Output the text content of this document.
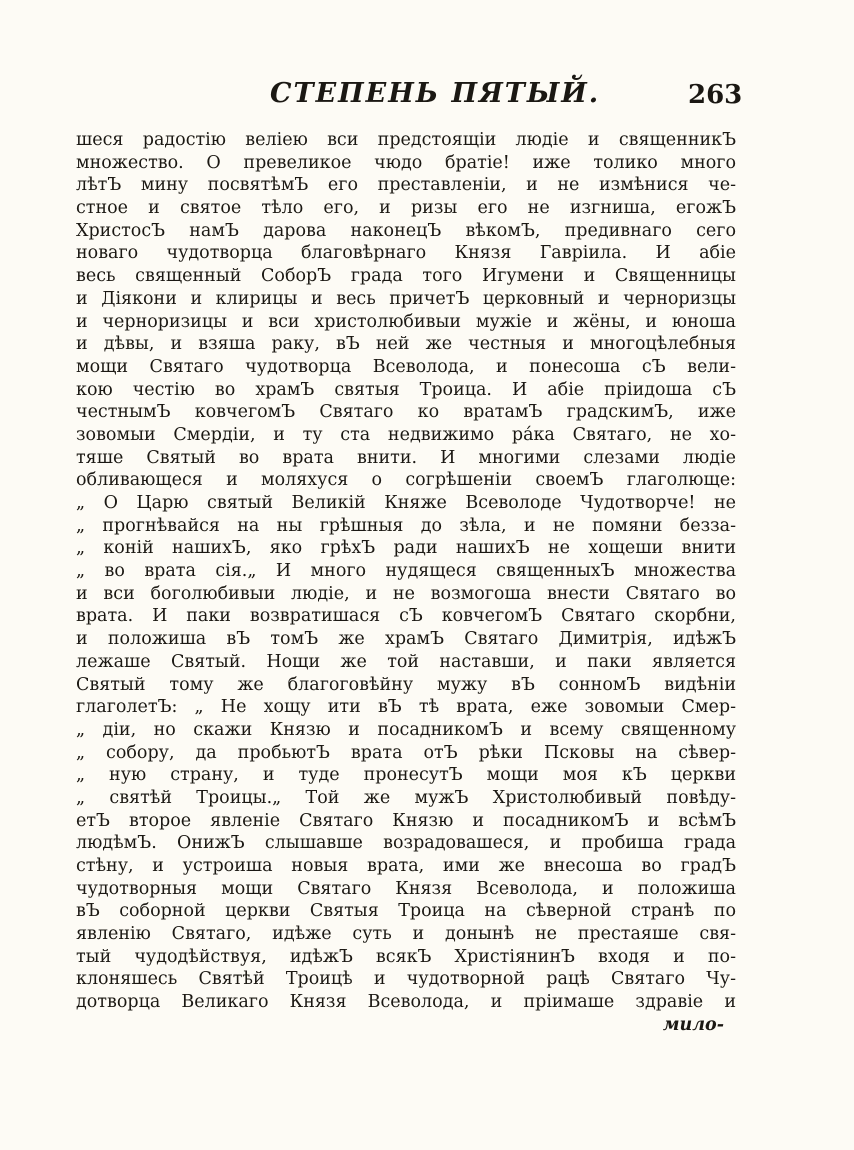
СТЕПЕНЬ ПЯТЫЙ.	263
шеся радостію веліею вси предстоящіи людіе и священникЪ
множество. О превеликое чюдо братіе! иже толико много
лѣтЪ мину посвятѣмЪ его преставленіи, и не измѣнися че-
стное и святое тѣло его, и ризы его не изгниша, егожЪ
ХристосЪ намЪ дарова наконецЪ вѣкомЪ, предивнаго сего
новаго чудотворца благовѣрнаго Князя Гавріила. И абіе
весь священный СоборЪ града того Игумени и Священницы
и Діякони и клирицы и весь причетЪ церковный и черноризцы
и черноризицы и вси христолюбивыи мужіе и жёны, и юноша
и дѣвы, и взяша раку, вЪ ней же честныя и многоцѣлебныя
мощи Святаго чудотворца Всеволода, и понесоша сЪ вели-
кою честію во храмЪ святыя Троица. И абіе пріидоша сЪ
честнымЪ ковчегомЪ Святаго ко вратамЪ градскимЪ, иже
зовомыи Смердіи, и ту ста недвижимо ра́ка Святаго, не хо-
тяше Святый во врата внити. И многими слезами людіе
обливающеся и моляхуся о согрѣшеніи своемЪ глаголюще:
„ О Царю святый Великій Княже Всеволоде Чудотворче! не
„ прогнѣвайся на ны грѣшныя до зѣла, и не помяни безза-
„ коній нашихЪ, яко грѣхЪ ради нашихЪ не хощеши внити
„ во врата сія.„ И много нудящеся священныхЪ множества
и вси боголюбивыи людіе, и не возмогоша внести Святаго во
врата. И паки возвратишася сЪ ковчегомЪ Святаго скорбни,
и положиша вЪ томЪ же храмЪ Святаго Димитрія, идѣжЪ
лежаше Святый. Нощи же той наставши, и паки является
Святый тому же благоговѣйну мужу вЪ сонномЪ видѣніи
глаголетЪ: „ Не хощу ити вЪ тѣ врата, еже зовомыи Смер-
„ діи, но скажи Князю и посадникомЪ и всему священному
„ собору, да пробьютЪ врата отЪ рѣки Псковы на сѣвер-
„ ную страну, и туде пронесутЪ мощи моя кЪ церкви
„ святѣй Троицы.„ Той же мужЪ Христолюбивый повѣду-
етЪ второе явленіе Святаго Князю и посадникомЪ и всѣмЪ
людѣмЪ. ОнижЪ слышавше возрадовашеся, и пробиша града
стѣну, и устроиша новыя врата, ими же внесоша во градЪ
чудотворныя мощи Святаго Князя Всеволода, и положиша
вЪ соборной церкви Святыя Троица на сѣверной странѣ по
явленію Святаго, идѣже суть и донынѣ не престаяше свя-
тый чудодѣйствуя, идѣжЪ всякЪ ХристіянинЪ входя и по-
клоняшесь Святѣй Троицѣ и чудотворной рацѣ Святаго Чу-
дотворца Великаго Князя Всеволода, и пріимаше здравіе и
мило-
